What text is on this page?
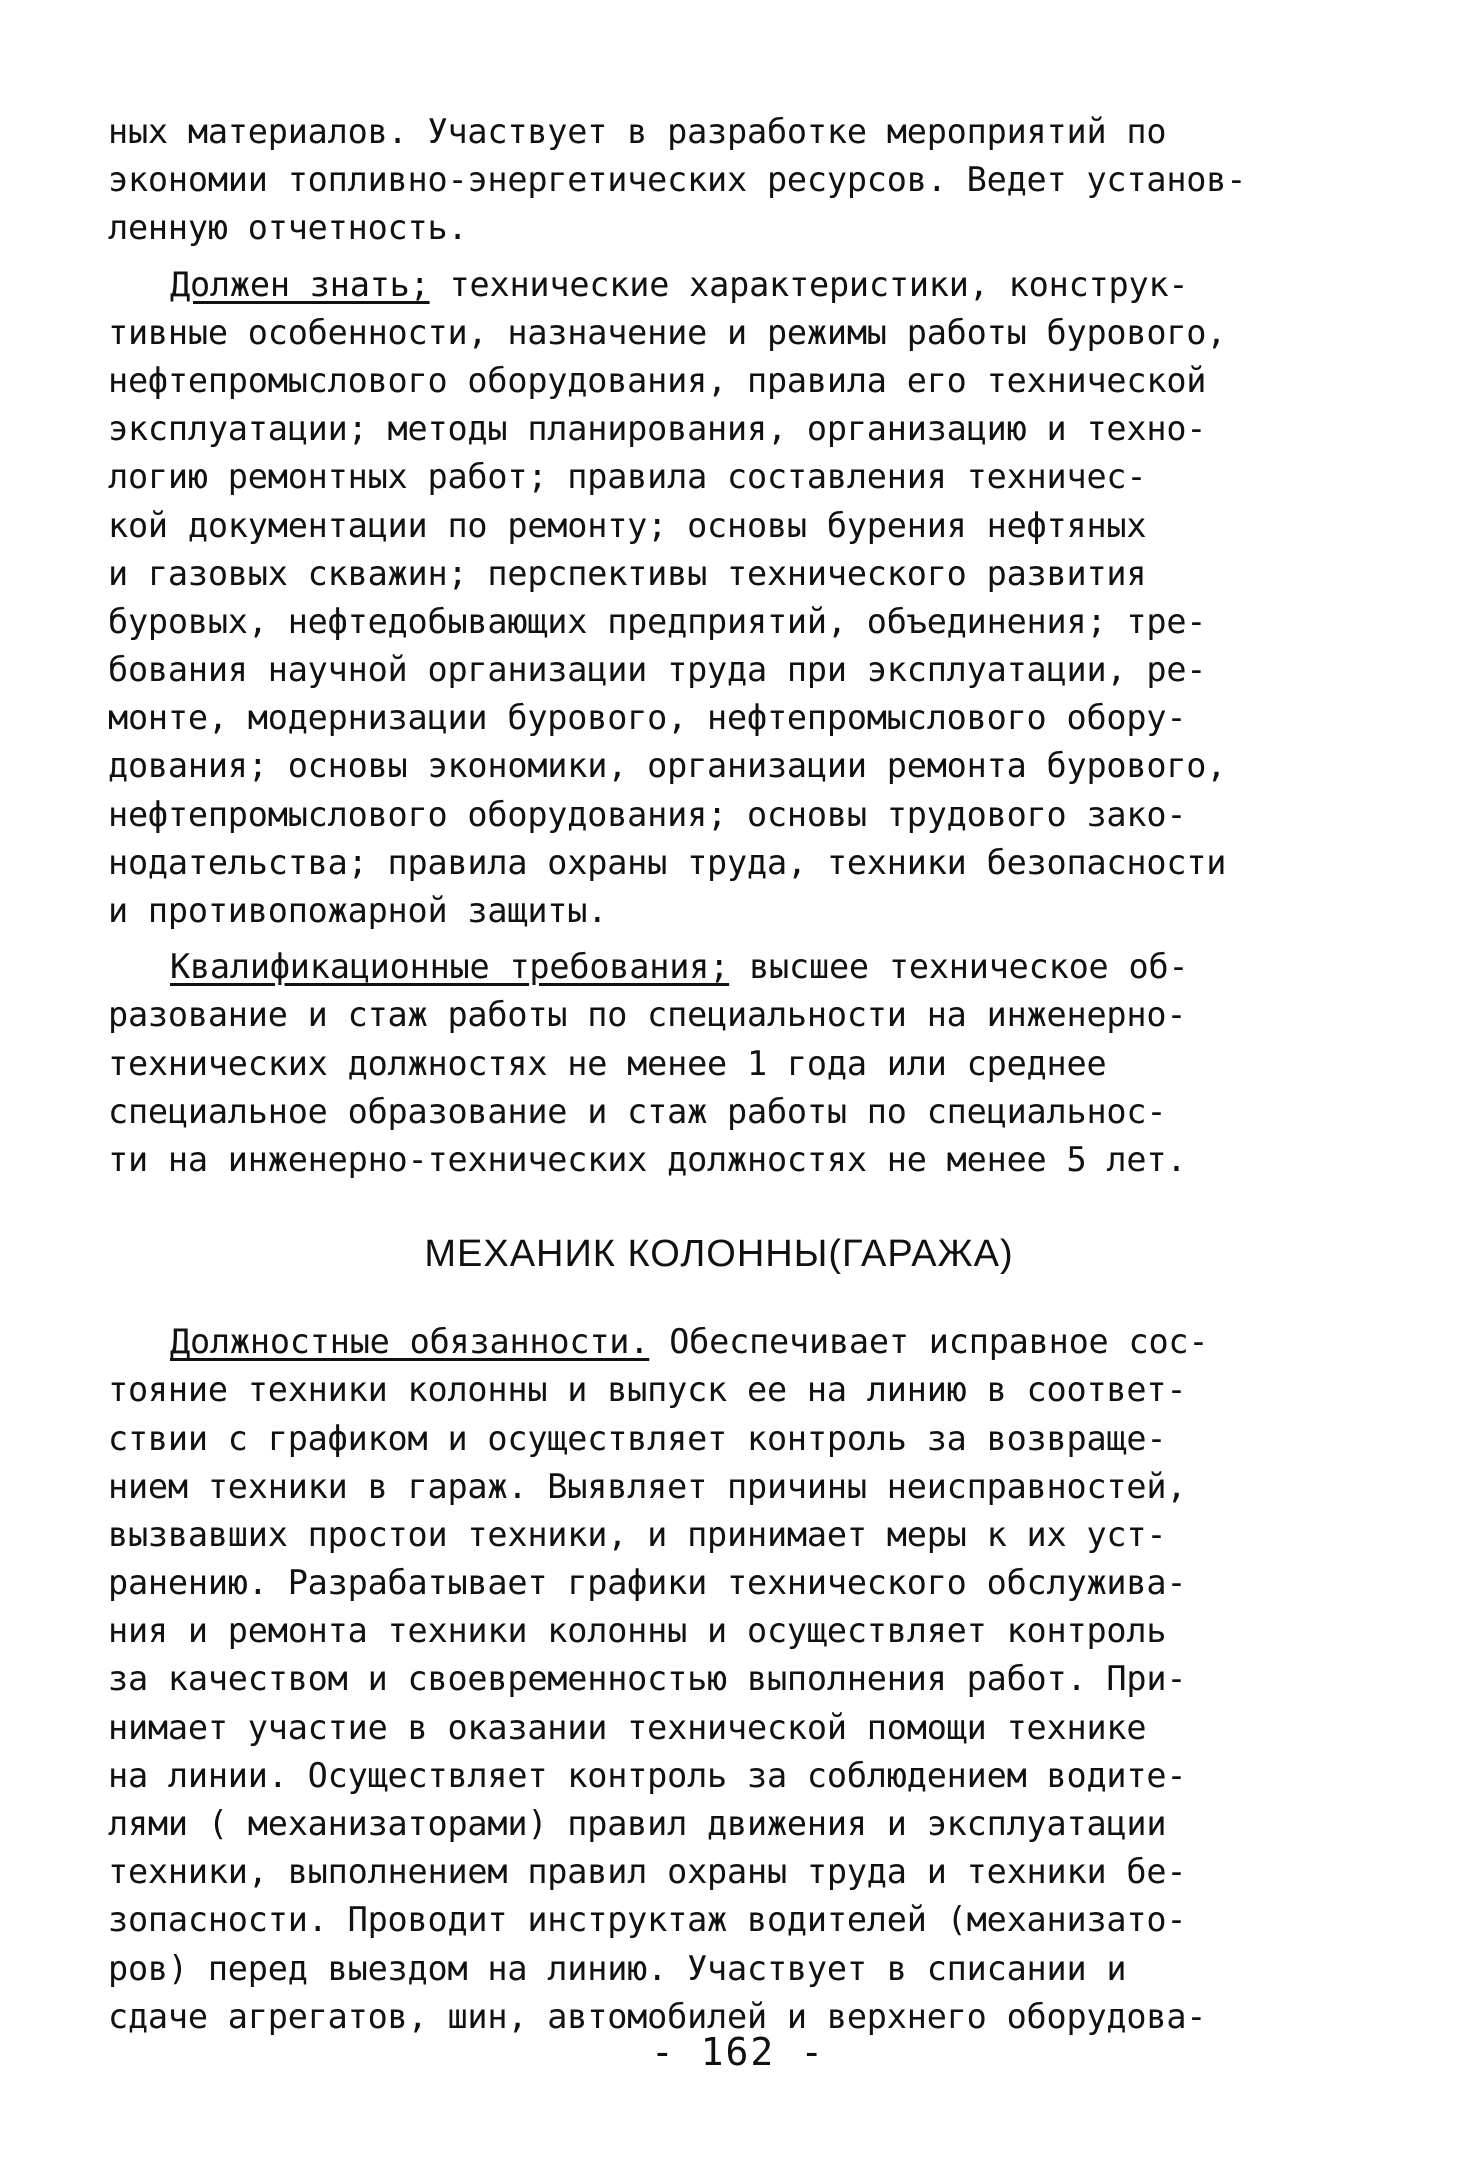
ных материалов. Участвует в разработке мероприятий по
экономии топливно-энергетических ресурсов. Ведет установ-
ленную отчетность.
Должен знать; технические характеристики, конструк-
тивные особенности, назначение и режимы работы бурового,
нефтепромыслового оборудования, правила его технической
эксплуатации; методы планирования, организацию и техно-
логию ремонтных работ; правила составления техничес-
кой документации по ремонту; основы бурения нефтяных
и газовых скважин; перспективы технического развития
буровых, нефтедобывающих предприятий, объединения; тре-
бования научной организации труда при эксплуатации, ре-
монте, модернизации бурового, нефтепромыслового обору-
дования; основы экономики, организации ремонта бурового,
нефтепромыслового оборудования; основы трудового зако-
нодательства; правила охраны труда, техники безопасности
и противопожарной защиты.
Квалификационные требования; высшее техническое об-
разование и стаж работы по специальности на инженерно-
технических должностях не менее 1 года или среднее
специальное образование и стаж работы по специальнос-
ти на инженерно-технических должностях не менее 5 лет.
МЕХАНИК КОЛОННЫ(ГАРАЖА)
Должностные обязанности. Обеспечивает исправное сос-
тояние техники колонны и выпуск ее на линию в соответ-
ствии с графиком и осуществляет контроль за возвраще-
нием техники в гараж. Выявляет причины неисправностей,
вызвавших простои техники, и принимает меры к их уст-
ранению. Разрабатывает графики технического обслужива-
ния и ремонта техники колонны и осуществляет контроль
за качеством и своевременностью выполнения работ. При-
нимает участие в оказании технической помощи технике
на линии. Осуществляет контроль за соблюдением водите-
лями ( механизаторами) правил движения и эксплуатации
техники, выполнением правил охраны труда и техники бе-
зопасности. Проводит инструктаж водителей (механизато-
ров) перед выездом на линию. Участвует в списании и
сдаче агрегатов, шин, автомобилей и верхнего оборудова-
- 162 -
